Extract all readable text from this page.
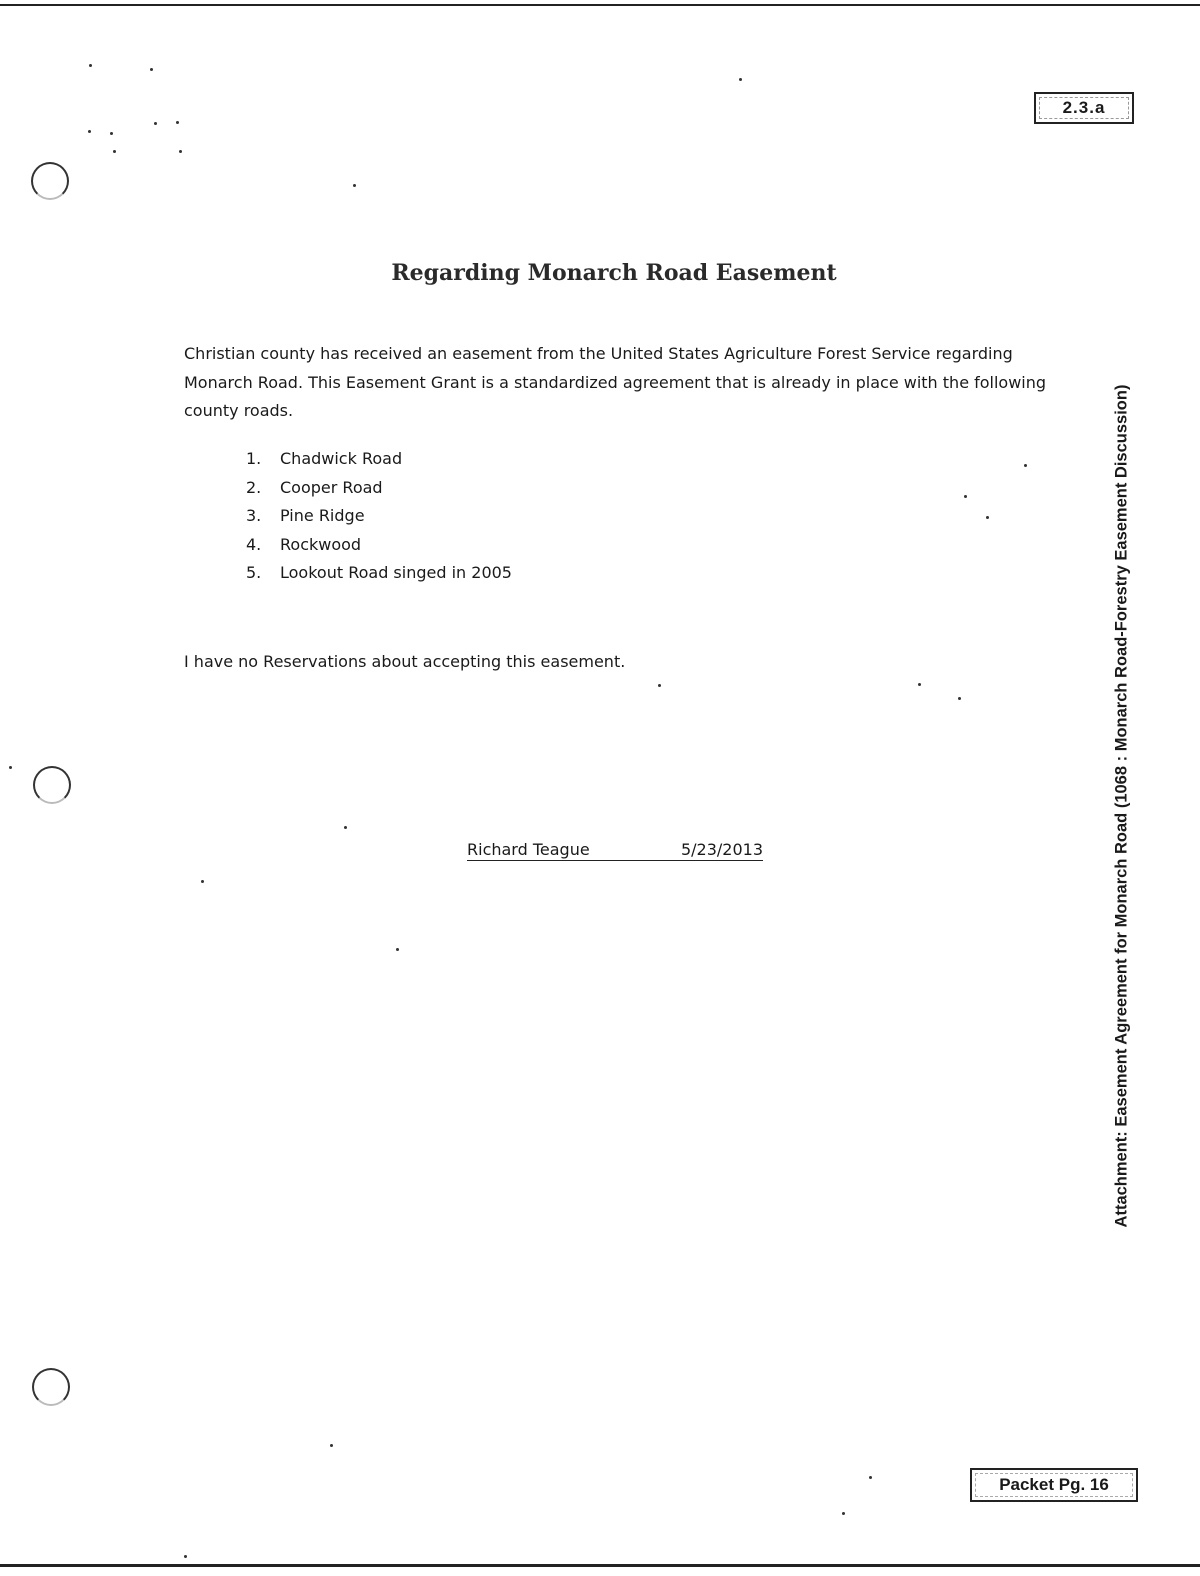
2.3.a
Regarding Monarch Road Easement
Christian county has received an easement from the United States Agriculture Forest Service regarding Monarch Road. This Easement Grant is a standardized agreement that is already in place with the following county roads.
1.	Chadwick Road
2.	Cooper Road
3.	Pine Ridge
4.	Rockwood
5.	Lookout Road singed in 2005
I have no Reservations about accepting this easement.
Richard Teague	5/23/2013	Attachment: Easement Agreement for Monarch Road (1068 : Monarch Road-Forestry Easement Discussion)
Packet Pg. 16
